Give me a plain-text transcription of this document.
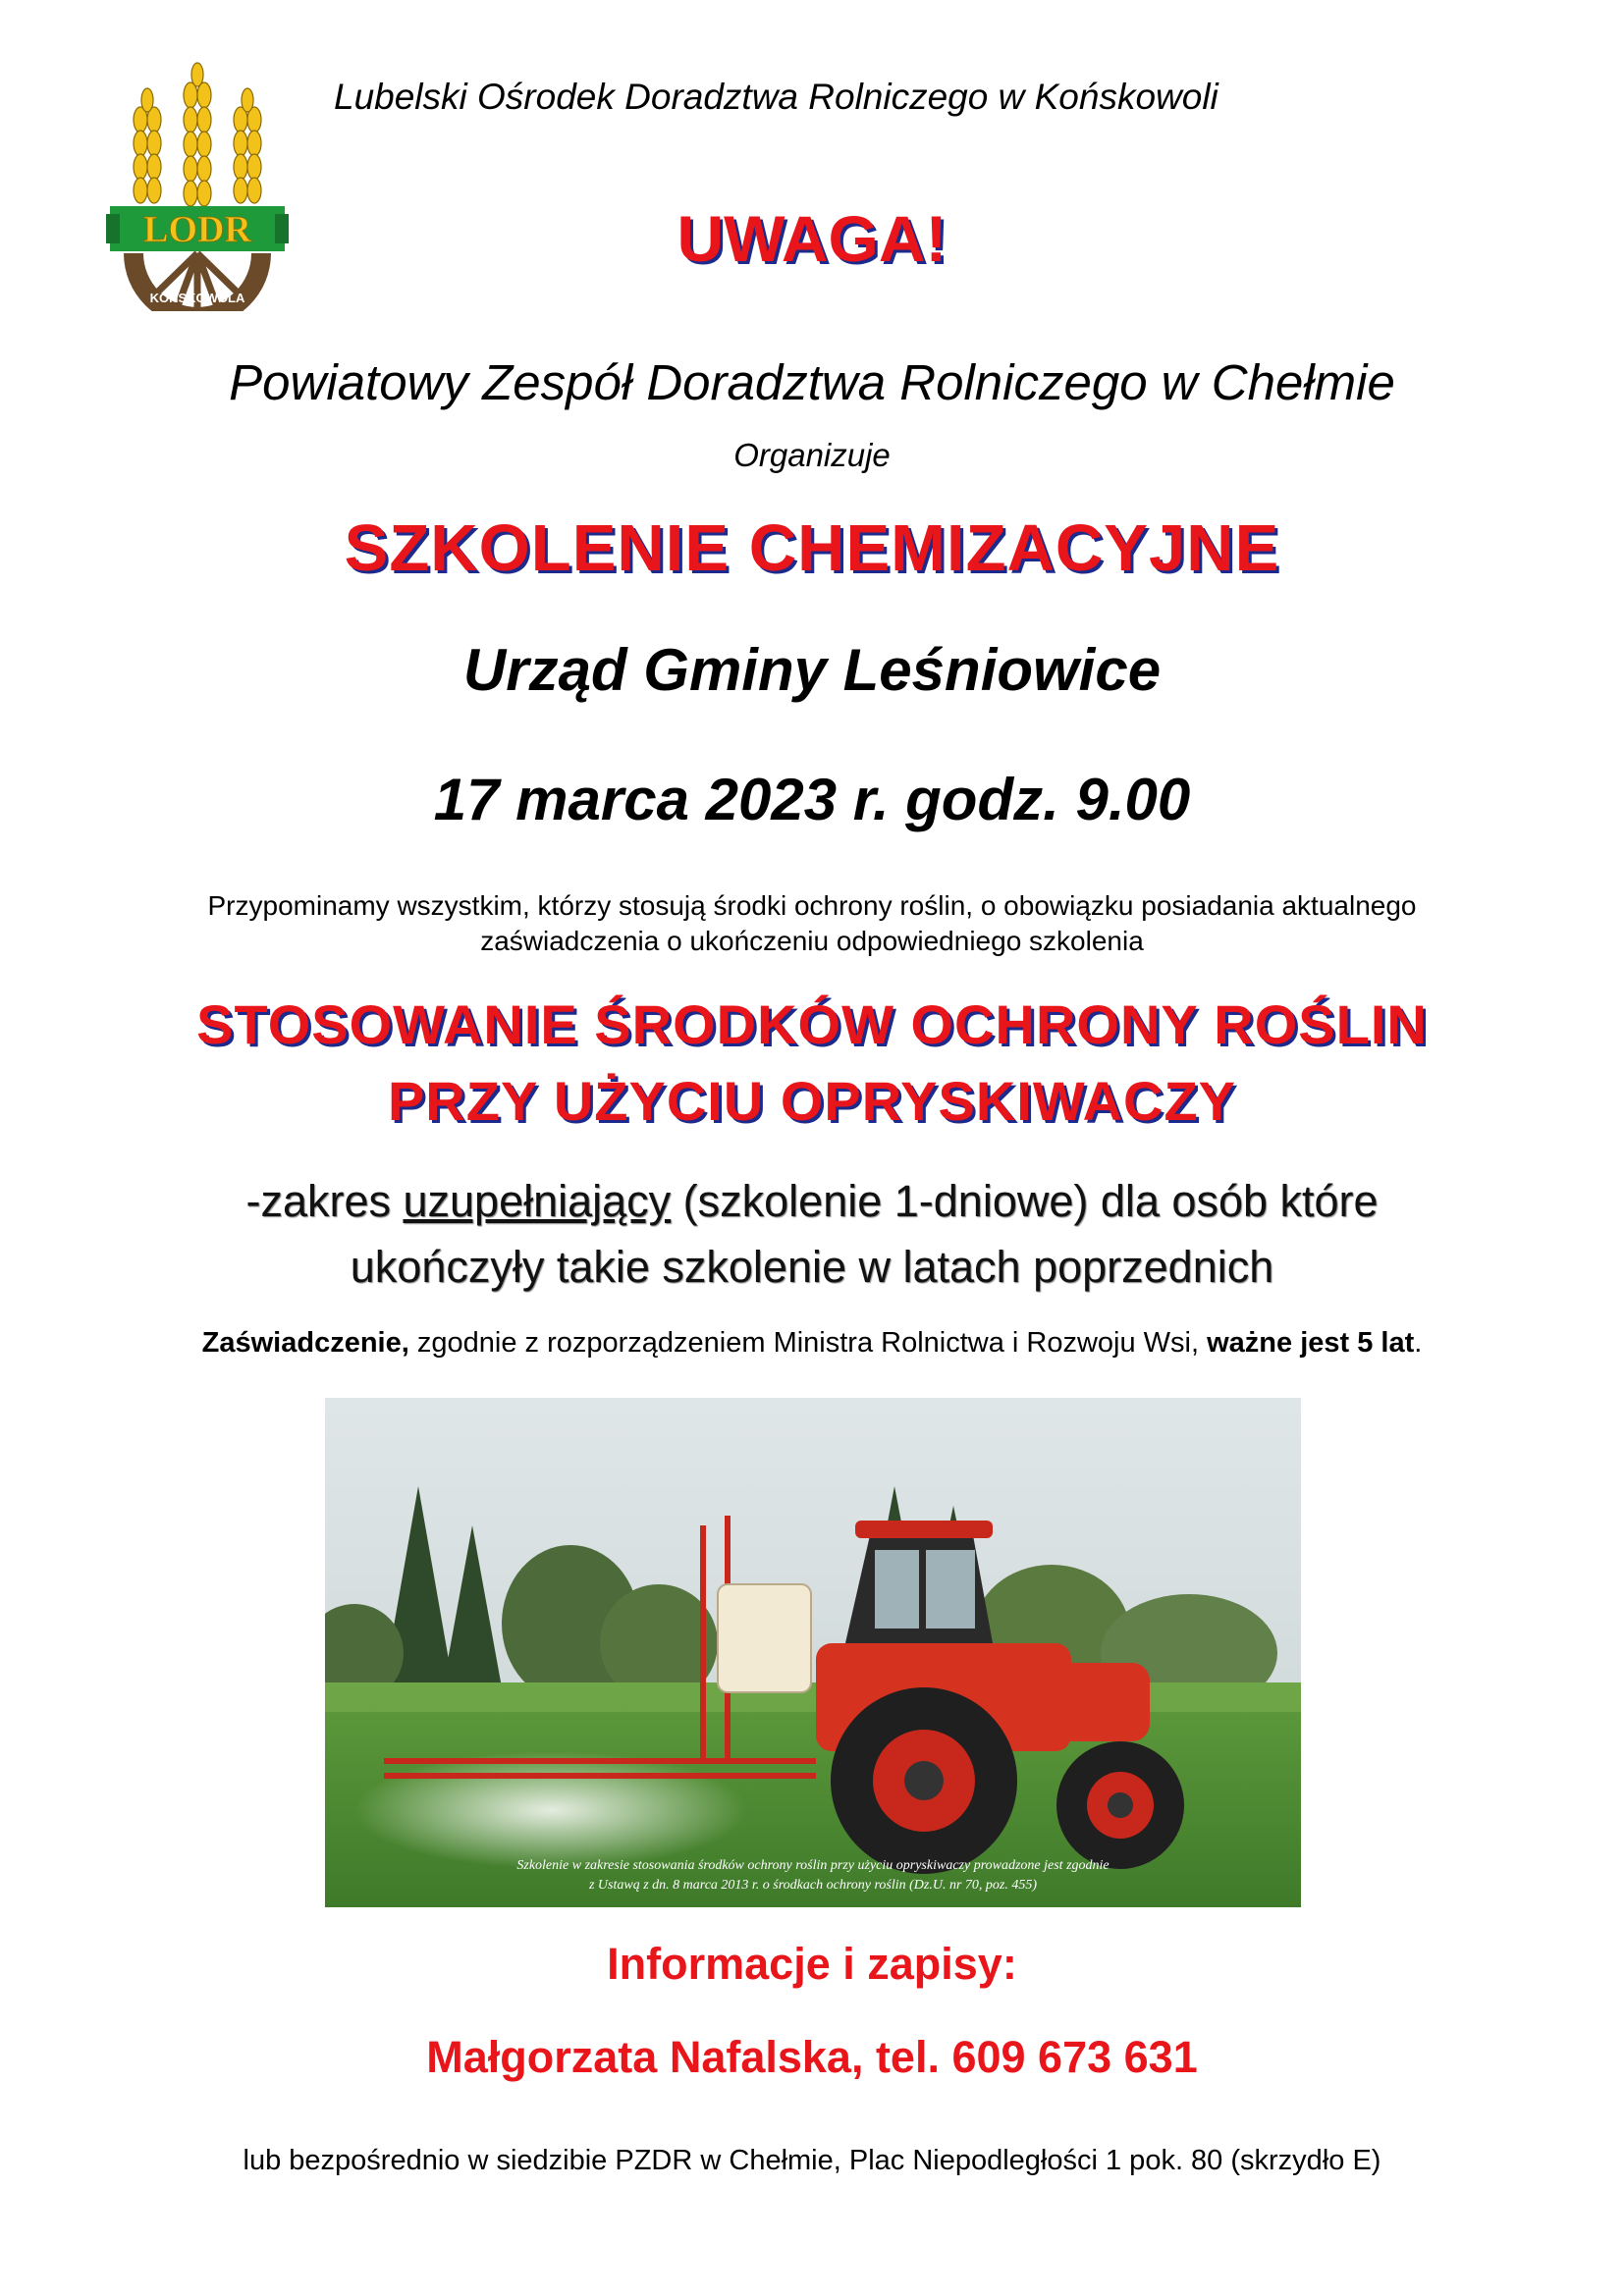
LODR
KOŃSKOWOLA
Lubelski Ośrodek Doradztwa Rolniczego w Końskowoli
UWAGA!
Powiatowy Zespół Doradztwa Rolniczego w Chełmie
Organizuje
SZKOLENIE CHEMIZACYJNE
Urząd Gminy Leśniowice
17 marca 2023 r. godz. 9.00
Przypominamy wszystkim, którzy stosują środki ochrony roślin, o obowiązku posiadania aktualnego
zaświadczenia o ukończeniu odpowiedniego szkolenia
STOSOWANIE ŚRODKÓW OCHRONY ROŚLIN
PRZY UŻYCIU OPRYSKIWACZY
-zakres uzupełniający (szkolenie 1-dniowe) dla osób które
ukończyły takie szkolenie w latach poprzednich
Zaświadczenie, zgodnie z rozporządzeniem Ministra Rolnictwa i Rozwoju Wsi, ważne jest 5 lat.
Szkolenie w zakresie stosowania środków ochrony roślin przy użyciu opryskiwaczy prowadzone jest zgodnie
z Ustawą z dn. 8 marca 2013 r. o środkach ochrony roślin (Dz.U. nr 70, poz. 455)
Informacje i zapisy:
Małgorzata Nafalska, tel. 609 673 631
lub bezpośrednio w siedzibie PZDR w Chełmie, Plac Niepodległości 1 pok. 80 (skrzydło E)
